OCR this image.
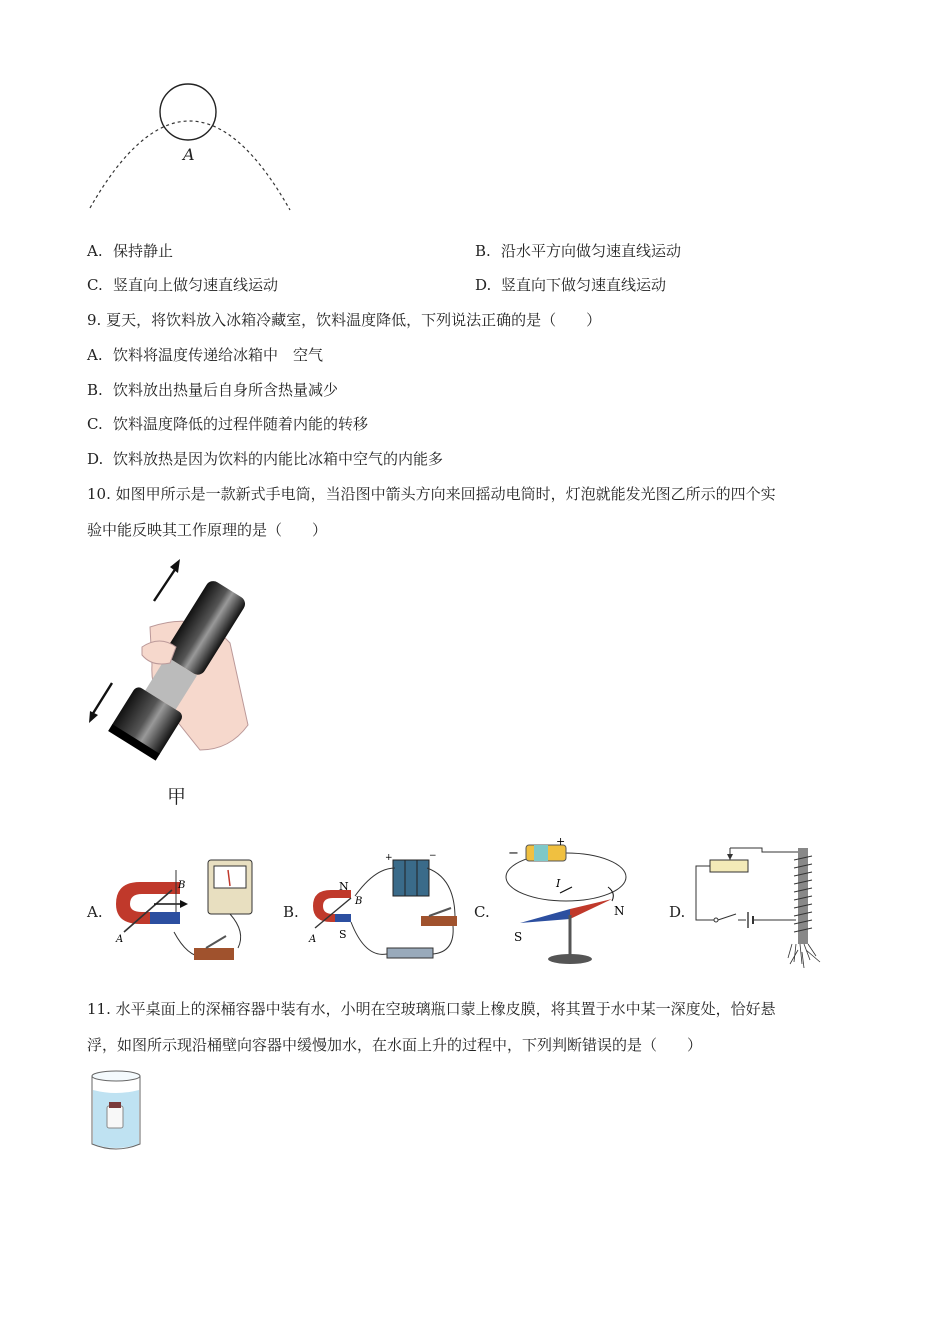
A
A. 保持静止	B. 沿水平方向做匀速直线运动
C. 竖直向上做匀速直线运动	D. 竖直向下做匀速直线运动
9. 夏天，将饮料放入冰箱冷藏室，饮料温度降低，下列说法正确的是（　　）
A. 饮料将温度传递给冰箱中　空气
B. 饮料放出热量后自身所含热量减少
C. 饮料温度降低的过程伴随着内能的转移
D. 饮料放热是因为饮料的内能比冰箱中空气的内能多
10. 如图甲所示是一款新式手电筒，当沿图中箭头方向来回摇动电筒时，灯泡就能发光图乙所示的四个实
验中能反映其工作原理的是（　　）
甲
A.
B
A
B.
N
S
B
A
+	−
C.
−
+
I
S
N	D.
11. 水平桌面上的深桶容器中装有水，小明在空玻璃瓶口蒙上橡皮膜，将其置于水中某一深度处，恰好悬
浮，如图所示现沿桶壁向容器中缓慢加水，在水面上升的过程中，下列判断错误的是（　　）
